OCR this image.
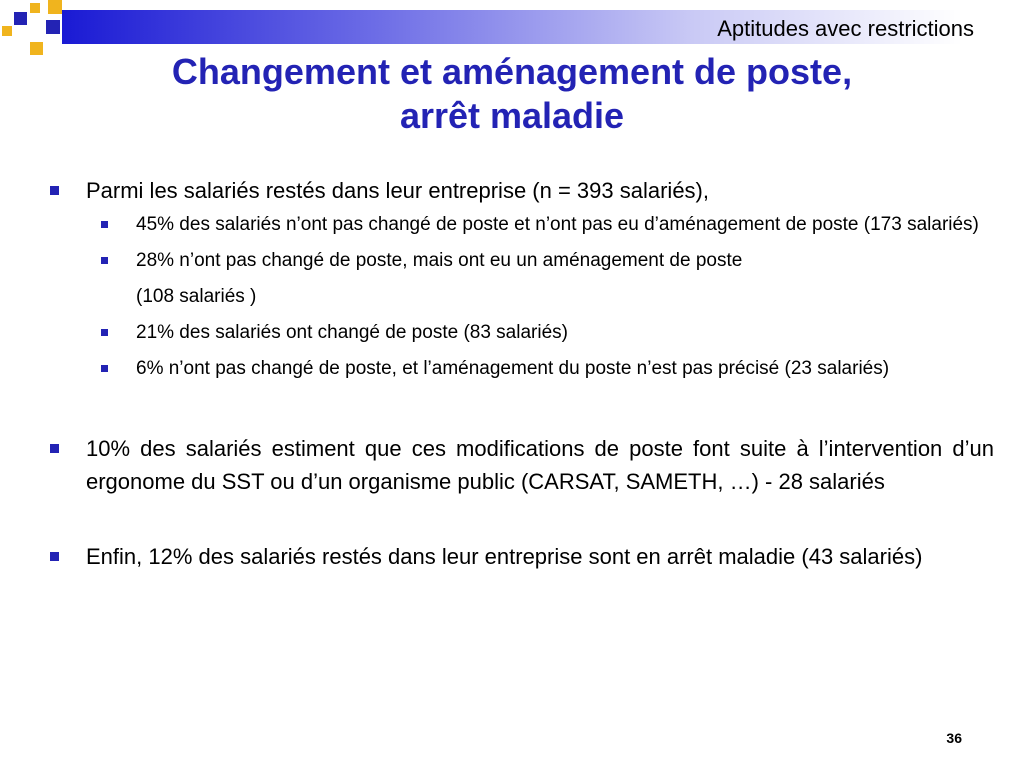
Aptitudes avec restrictions
Changement et aménagement de poste,
arrêt maladie

Parmi les salariés restés dans leur entreprise (n = 393 salariés),

45% des salariés n’ont pas changé de poste et n’ont pas eu d’aménagement de poste (173 salariés)

28% n’ont pas changé de poste, mais ont eu un aménagement de poste

(108 salariés )

21% des salariés ont changé de poste (83 salariés)

6% n’ont pas changé de poste, et l’aménagement du poste n’est pas précisé (23 salariés)

10% des salariés estiment que ces modifications de poste font suite à l’intervention d’un ergonome du SST ou d’un organisme public (CARSAT, SAMETH, …) - 28 salariés

Enfin, 12% des salariés restés dans leur entreprise sont en arrêt maladie (43 salariés)

36
